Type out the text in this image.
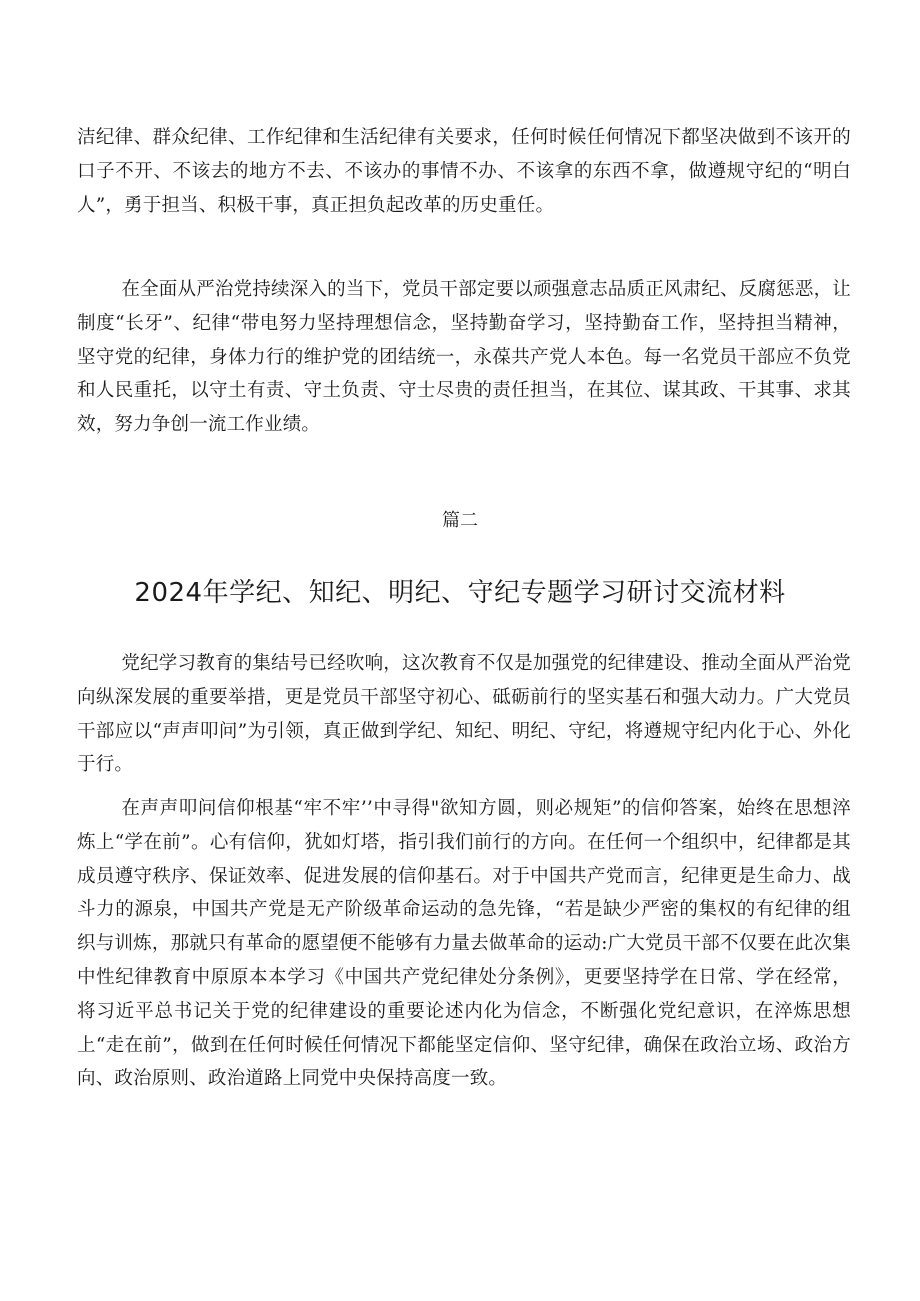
洁纪律、群众纪律、工作纪律和生活纪律有关要求，任何时候任何情况下都坚决做到不该开的口子不开、不该去的地方不去、不该办的事情不办、不该拿的东西不拿，做遵规守纪的“明白人”，勇于担当、积极干事，真正担负起改革的历史重任。

在全面从严治党持续深入的当下，党员干部定要以顽强意志品质正风肃纪、反腐惩恶，让制度“长牙”、纪律“带电努力坚持理想信念，坚持勤奋学习，坚持勤奋工作，坚持担当精神，坚守党的纪律，身体力行的维护党的团结统一，永葆共产党人本色。每一名党员干部应不负党和人民重托，以守土有责、守土负责、守士尽贵的责任担当，在其位、谋其政、干其事、求其效，努力争创一流工作业绩。

篇二

2024年学纪、知纪、明纪、守纪专题学习研讨交流材料

党纪学习教育的集结号已经吹响，这次教育不仅是加强党的纪律建设、推动全面从严治党向纵深发展的重要举措，更是党员干部坚守初心、砥砺前行的坚实基石和强大动力。广大党员干部应以“声声叩问”为引领，真正做到学纪、知纪、明纪、守纪，将遵规守纪内化于心、外化于行。

在声声叩问信仰根基“牢不牢’’中寻得"欲知方圆，则必规矩”的信仰答案，始终在思想淬炼上“学在前”。心有信仰，犹如灯塔，指引我们前行的方向。在任何一个组织中，纪律都是其成员遵守秩序、保证效率、促进发展的信仰基石。对于中国共产党而言，纪律更是生命力、战斗力的源泉，中国共产党是无产阶级革命运动的急先锋，“若是缺少严密的集权的有纪律的组织与训炼，那就只有革命的愿望便不能够有力量去做革命的运动:广大党员干部不仅要在此次集中性纪律教育中原原本本学习《中国共产党纪律处分条例》，更要坚持学在日常、学在经常，将习近平总书记关于党的纪律建设的重要论述内化为信念，不断强化党纪意识，在淬炼思想上“走在前”，做到在任何时候任何情况下都能坚定信仰、坚守纪律，确保在政治立场、政治方向、政治原则、政治道路上同党中央保持高度一致。
